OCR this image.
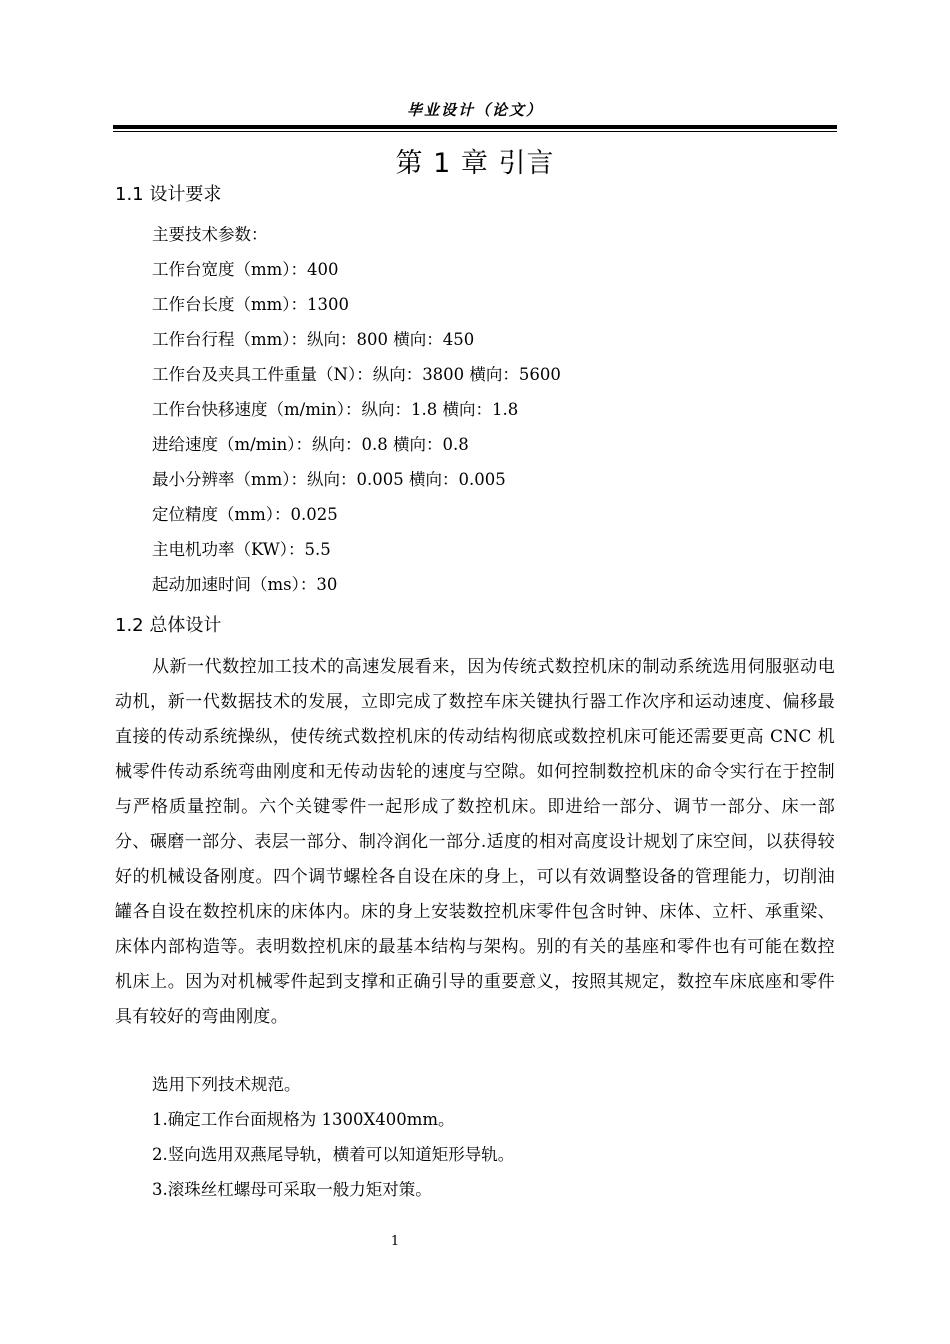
毕业设计（论文）
第 1 章 引言
1.1 设计要求
主要技术参数：
工作台宽度（mm）：400
工作台长度（mm）：1300
工作台行程（mm）：纵向：800 横向：450
工作台及夹具工件重量（N）：纵向：3800 横向：5600
工作台快移速度（m/min）：纵向：1.8 横向：1.8
进给速度（m/min）：纵向：0.8 横向：0.8
最小分辨率（mm）：纵向：0.005 横向：0.005
定位精度（mm）：0.025
主电机功率（KW）：5.5
起动加速时间（ms）：30
1.2 总体设计

从新一代数控加工技术的高速发展看来，因为传统式数控机床的制动系统选用伺服驱动电动机，新一代数据技术的发展，立即完成了数控车床关键执行器工作次序和运动速度、偏移最直接的传动系统操纵，使传统式数控机床的传动结构彻底或数控机床可能还需要更高 CNC 机械零件传动系统弯曲刚度和无传动齿轮的速度与空隙。如何控制数控机床的命令实行在于控制与严格质量控制。六个关键零件一起形成了数控机床。即进给一部分、调节一部分、床一部分、碾磨一部分、表层一部分、制冷润化一部分.适度的相对高度设计规划了床空间，以获得较好的机械设备刚度。四个调节螺栓各自设在床的身上，可以有效调整设备的管理能力，切削油罐各自设在数控机床的床体内。床的身上安装数控机床零件包含时钟、床体、立杆、承重梁、床体内部构造等。表明数控机床的最基本结构与架构。别的有关的基座和零件也有可能在数控机床上。因为对机械零件起到支撑和正确引导的重要意义，按照其规定，数控车床底座和零件具有较好的弯曲刚度。

选用下列技术规范。
1.确定工作台面规格为 1300X400mm。
2.竖向选用双燕尾导轨，横着可以知道矩形导轨。
3.滚珠丝杠螺母可采取一般力矩对策。
1
